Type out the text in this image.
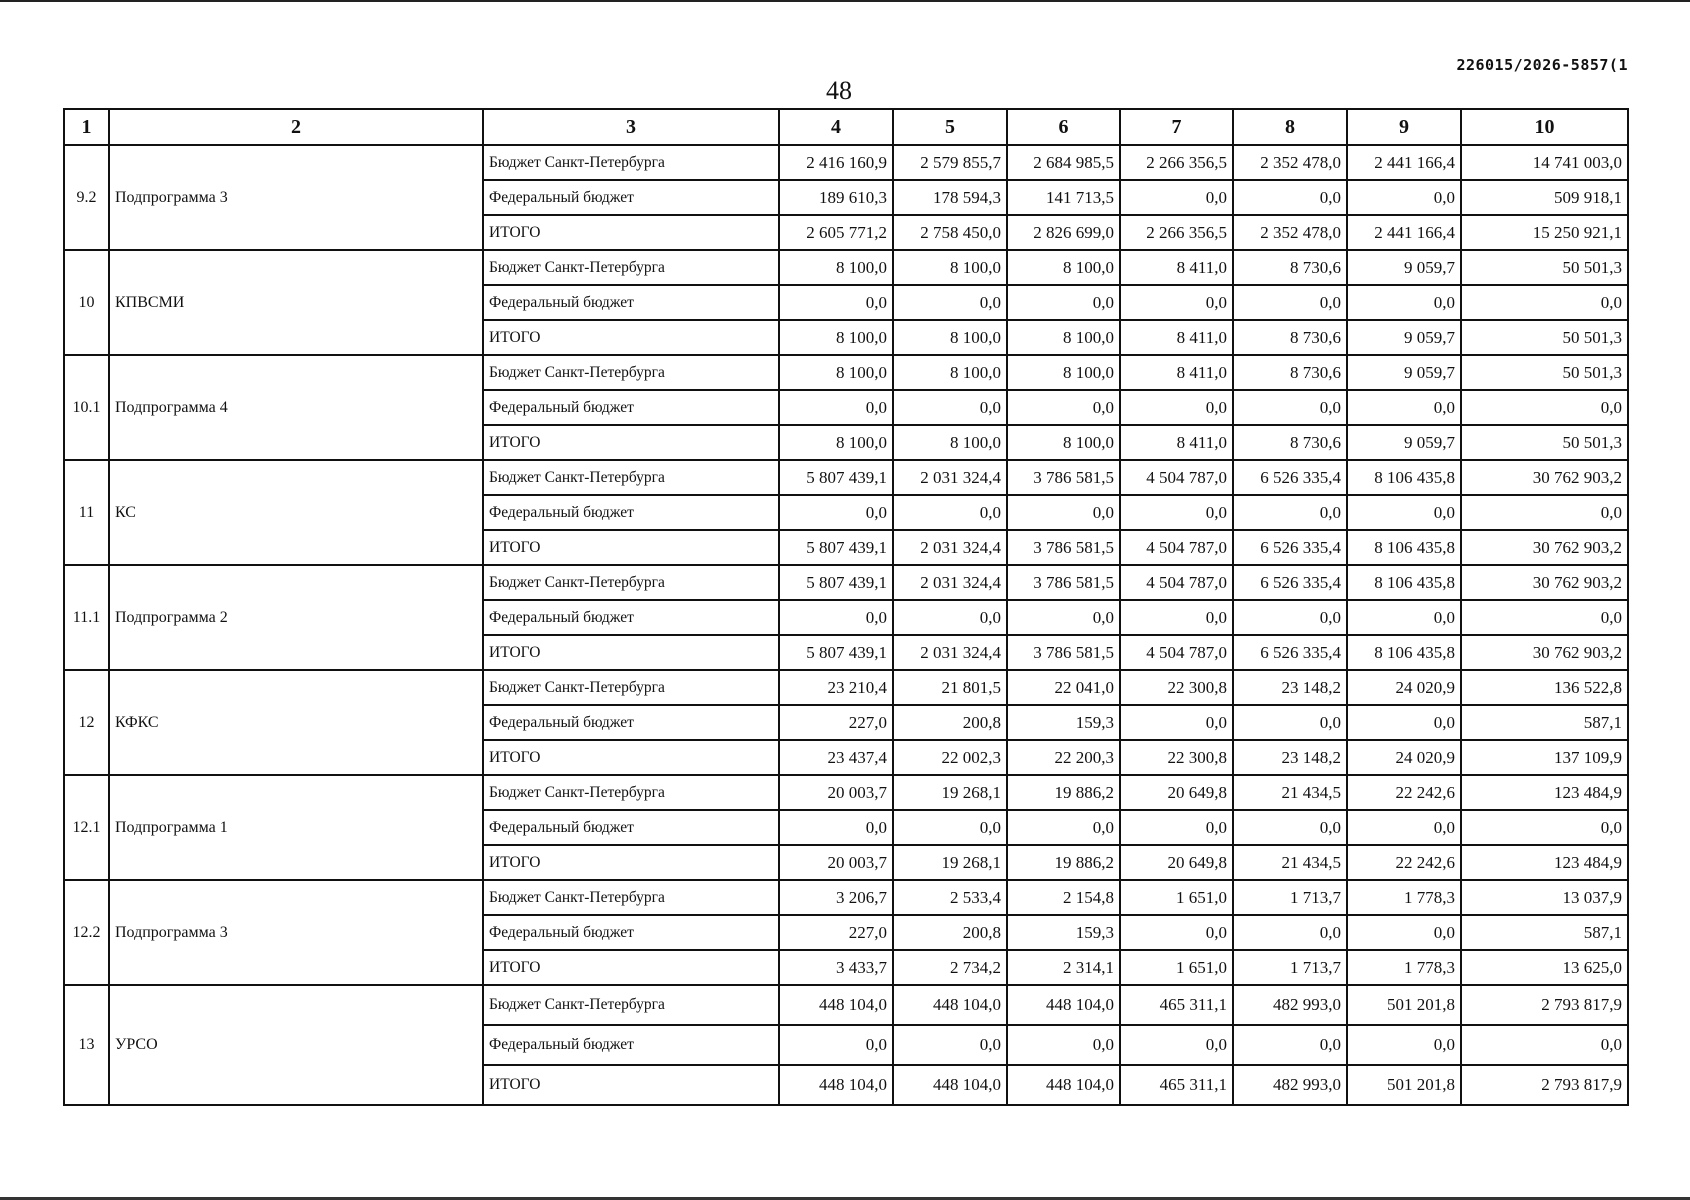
226015/2026-5857(1
48
1	2	3	4	5	6	7	8	9	10
9.2	Подпрограмма 3	Бюджет Санкт-Петербурга	2 416 160,9	2 579 855,7	2 684 985,5	2 266 356,5	2 352 478,0	2 441 166,4	14 741 003,0
		Федеральный бюджет	189 610,3	178 594,3	141 713,5	0,0	0,0	0,0	509 918,1
		ИТОГО	2 605 771,2	2 758 450,0	2 826 699,0	2 266 356,5	2 352 478,0	2 441 166,4	15 250 921,1
10	КПВСМИ	Бюджет Санкт-Петербурга	8 100,0	8 100,0	8 100,0	8 411,0	8 730,6	9 059,7	50 501,3
		Федеральный бюджет	0,0	0,0	0,0	0,0	0,0	0,0	0,0
		ИТОГО	8 100,0	8 100,0	8 100,0	8 411,0	8 730,6	9 059,7	50 501,3
10.1	Подпрограмма 4	Бюджет Санкт-Петербурга	8 100,0	8 100,0	8 100,0	8 411,0	8 730,6	9 059,7	50 501,3
		Федеральный бюджет	0,0	0,0	0,0	0,0	0,0	0,0	0,0
		ИТОГО	8 100,0	8 100,0	8 100,0	8 411,0	8 730,6	9 059,7	50 501,3
11	КС	Бюджет Санкт-Петербурга	5 807 439,1	2 031 324,4	3 786 581,5	4 504 787,0	6 526 335,4	8 106 435,8	30 762 903,2
		Федеральный бюджет	0,0	0,0	0,0	0,0	0,0	0,0	0,0
		ИТОГО	5 807 439,1	2 031 324,4	3 786 581,5	4 504 787,0	6 526 335,4	8 106 435,8	30 762 903,2
11.1	Подпрограмма 2	Бюджет Санкт-Петербурга	5 807 439,1	2 031 324,4	3 786 581,5	4 504 787,0	6 526 335,4	8 106 435,8	30 762 903,2
		Федеральный бюджет	0,0	0,0	0,0	0,0	0,0	0,0	0,0
		ИТОГО	5 807 439,1	2 031 324,4	3 786 581,5	4 504 787,0	6 526 335,4	8 106 435,8	30 762 903,2
12	КФКС	Бюджет Санкт-Петербурга	23 210,4	21 801,5	22 041,0	22 300,8	23 148,2	24 020,9	136 522,8
		Федеральный бюджет	227,0	200,8	159,3	0,0	0,0	0,0	587,1
		ИТОГО	23 437,4	22 002,3	22 200,3	22 300,8	23 148,2	24 020,9	137 109,9
12.1	Подпрограмма 1	Бюджет Санкт-Петербурга	20 003,7	19 268,1	19 886,2	20 649,8	21 434,5	22 242,6	123 484,9
		Федеральный бюджет	0,0	0,0	0,0	0,0	0,0	0,0	0,0
		ИТОГО	20 003,7	19 268,1	19 886,2	20 649,8	21 434,5	22 242,6	123 484,9
12.2	Подпрограмма 3	Бюджет Санкт-Петербурга	3 206,7	2 533,4	2 154,8	1 651,0	1 713,7	1 778,3	13 037,9
		Федеральный бюджет	227,0	200,8	159,3	0,0	0,0	0,0	587,1
		ИТОГО	3 433,7	2 734,2	2 314,1	1 651,0	1 713,7	1 778,3	13 625,0
13	УРСО	Бюджет Санкт-Петербурга	448 104,0	448 104,0	448 104,0	465 311,1	482 993,0	501 201,8	2 793 817,9
		Федеральный бюджет	0,0	0,0	0,0	0,0	0,0	0,0	0,0
		ИТОГО	448 104,0	448 104,0	448 104,0	465 311,1	482 993,0	501 201,8	2 793 817,9
